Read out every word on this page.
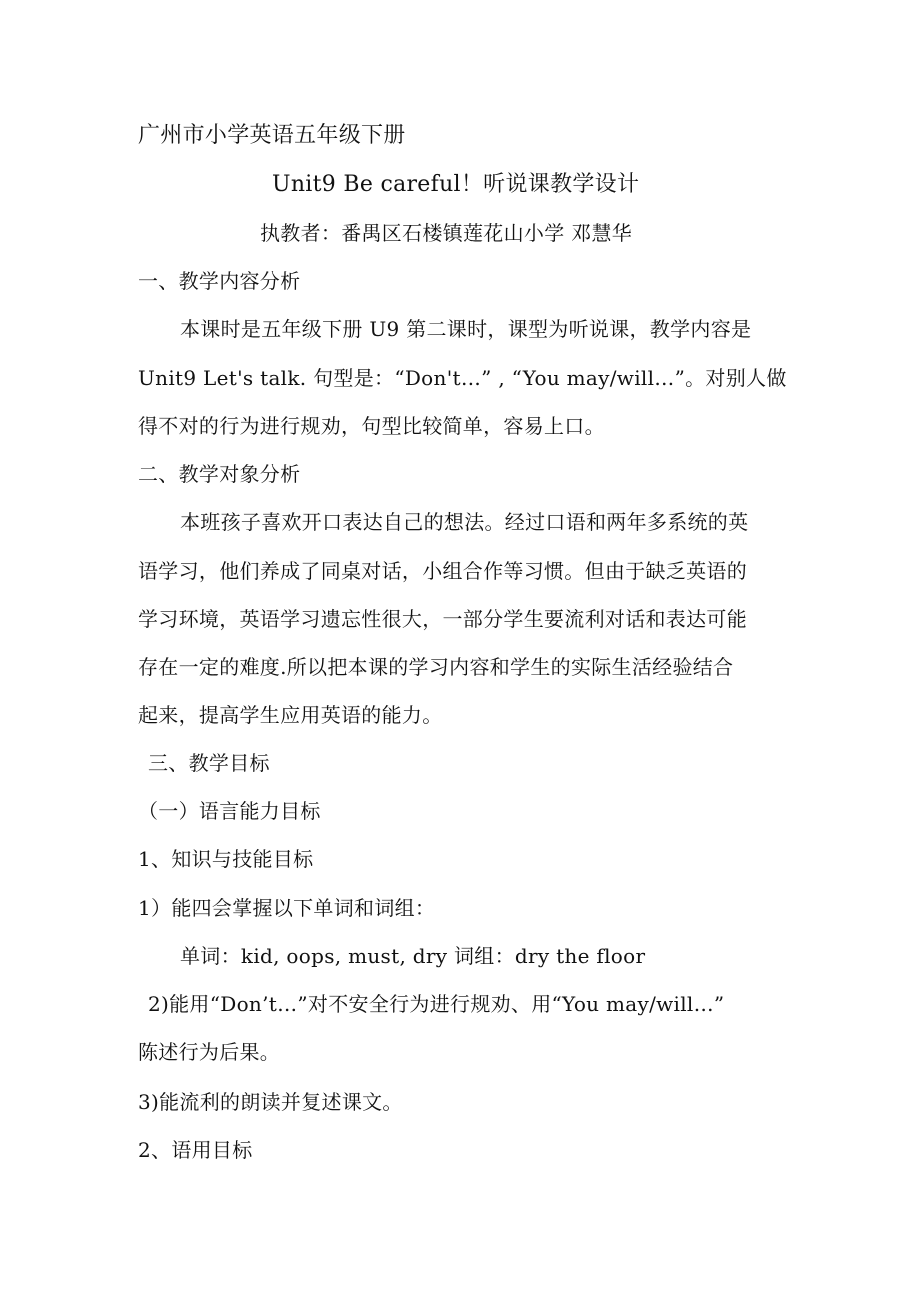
广州市小学英语五年级下册
Unit9 Be careful！听说课教学设计
执教者：番禺区石楼镇莲花山小学 邓慧华
一、教学内容分析
本课时是五年级下册 U9 第二课时，课型为听说课，教学内容是
Unit9 Let's talk. 句型是：“Don't…” , “You may/will…”。对别人做
得不对的行为进行规劝，句型比较简单，容易上口。
二、教学对象分析
本班孩子喜欢开口表达自己的想法。经过口语和两年多系统的英
语学习，他们养成了同桌对话，小组合作等习惯。但由于缺乏英语的
学习环境，英语学习遗忘性很大，一部分学生要流利对话和表达可能
存在一定的难度.所以把本课的学习内容和学生的实际生活经验结合
起来，提高学生应用英语的能力。
三、教学目标
（一）语言能力目标
1、知识与技能目标
1）能四会掌握以下单词和词组：
单词：kid, oops, must, dry 词组：dry the floor
2)能用“Don’t…”对不安全行为进行规劝、用“You may/will…”
陈述行为后果。
3)能流利的朗读并复述课文。
2、语用目标
